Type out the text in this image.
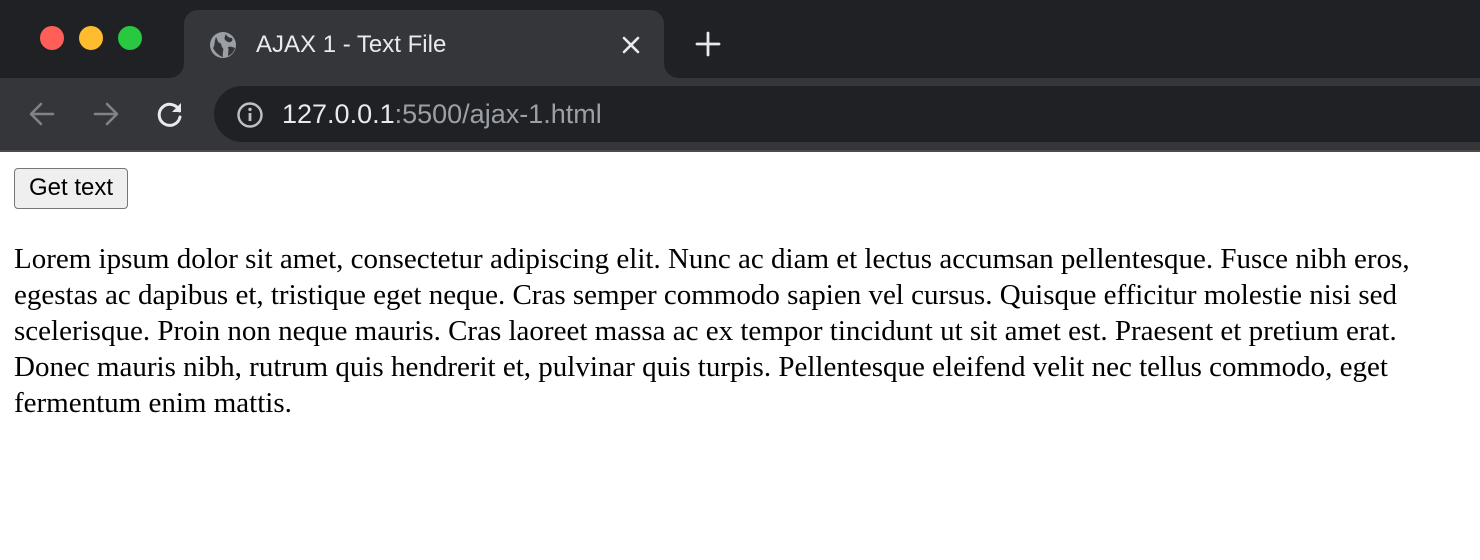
AJAX 1 - Text File
127.0.0.1:5500/ajax-1.html
Get text
Lorem ipsum dolor sit amet, consectetur adipiscing elit. Nunc ac diam et lectus accumsan pellentesque. Fusce nibh eros, egestas ac dapibus et, tristique eget neque. Cras semper commodo sapien vel cursus. Quisque efficitur molestie nisi sed scelerisque. Proin non neque mauris. Cras laoreet massa ac ex tempor tincidunt ut sit amet est. Praesent et pretium erat. Donec mauris nibh, rutrum quis hendrerit et, pulvinar quis turpis. Pellentesque eleifend velit nec tellus commodo, eget fermentum enim mattis.
